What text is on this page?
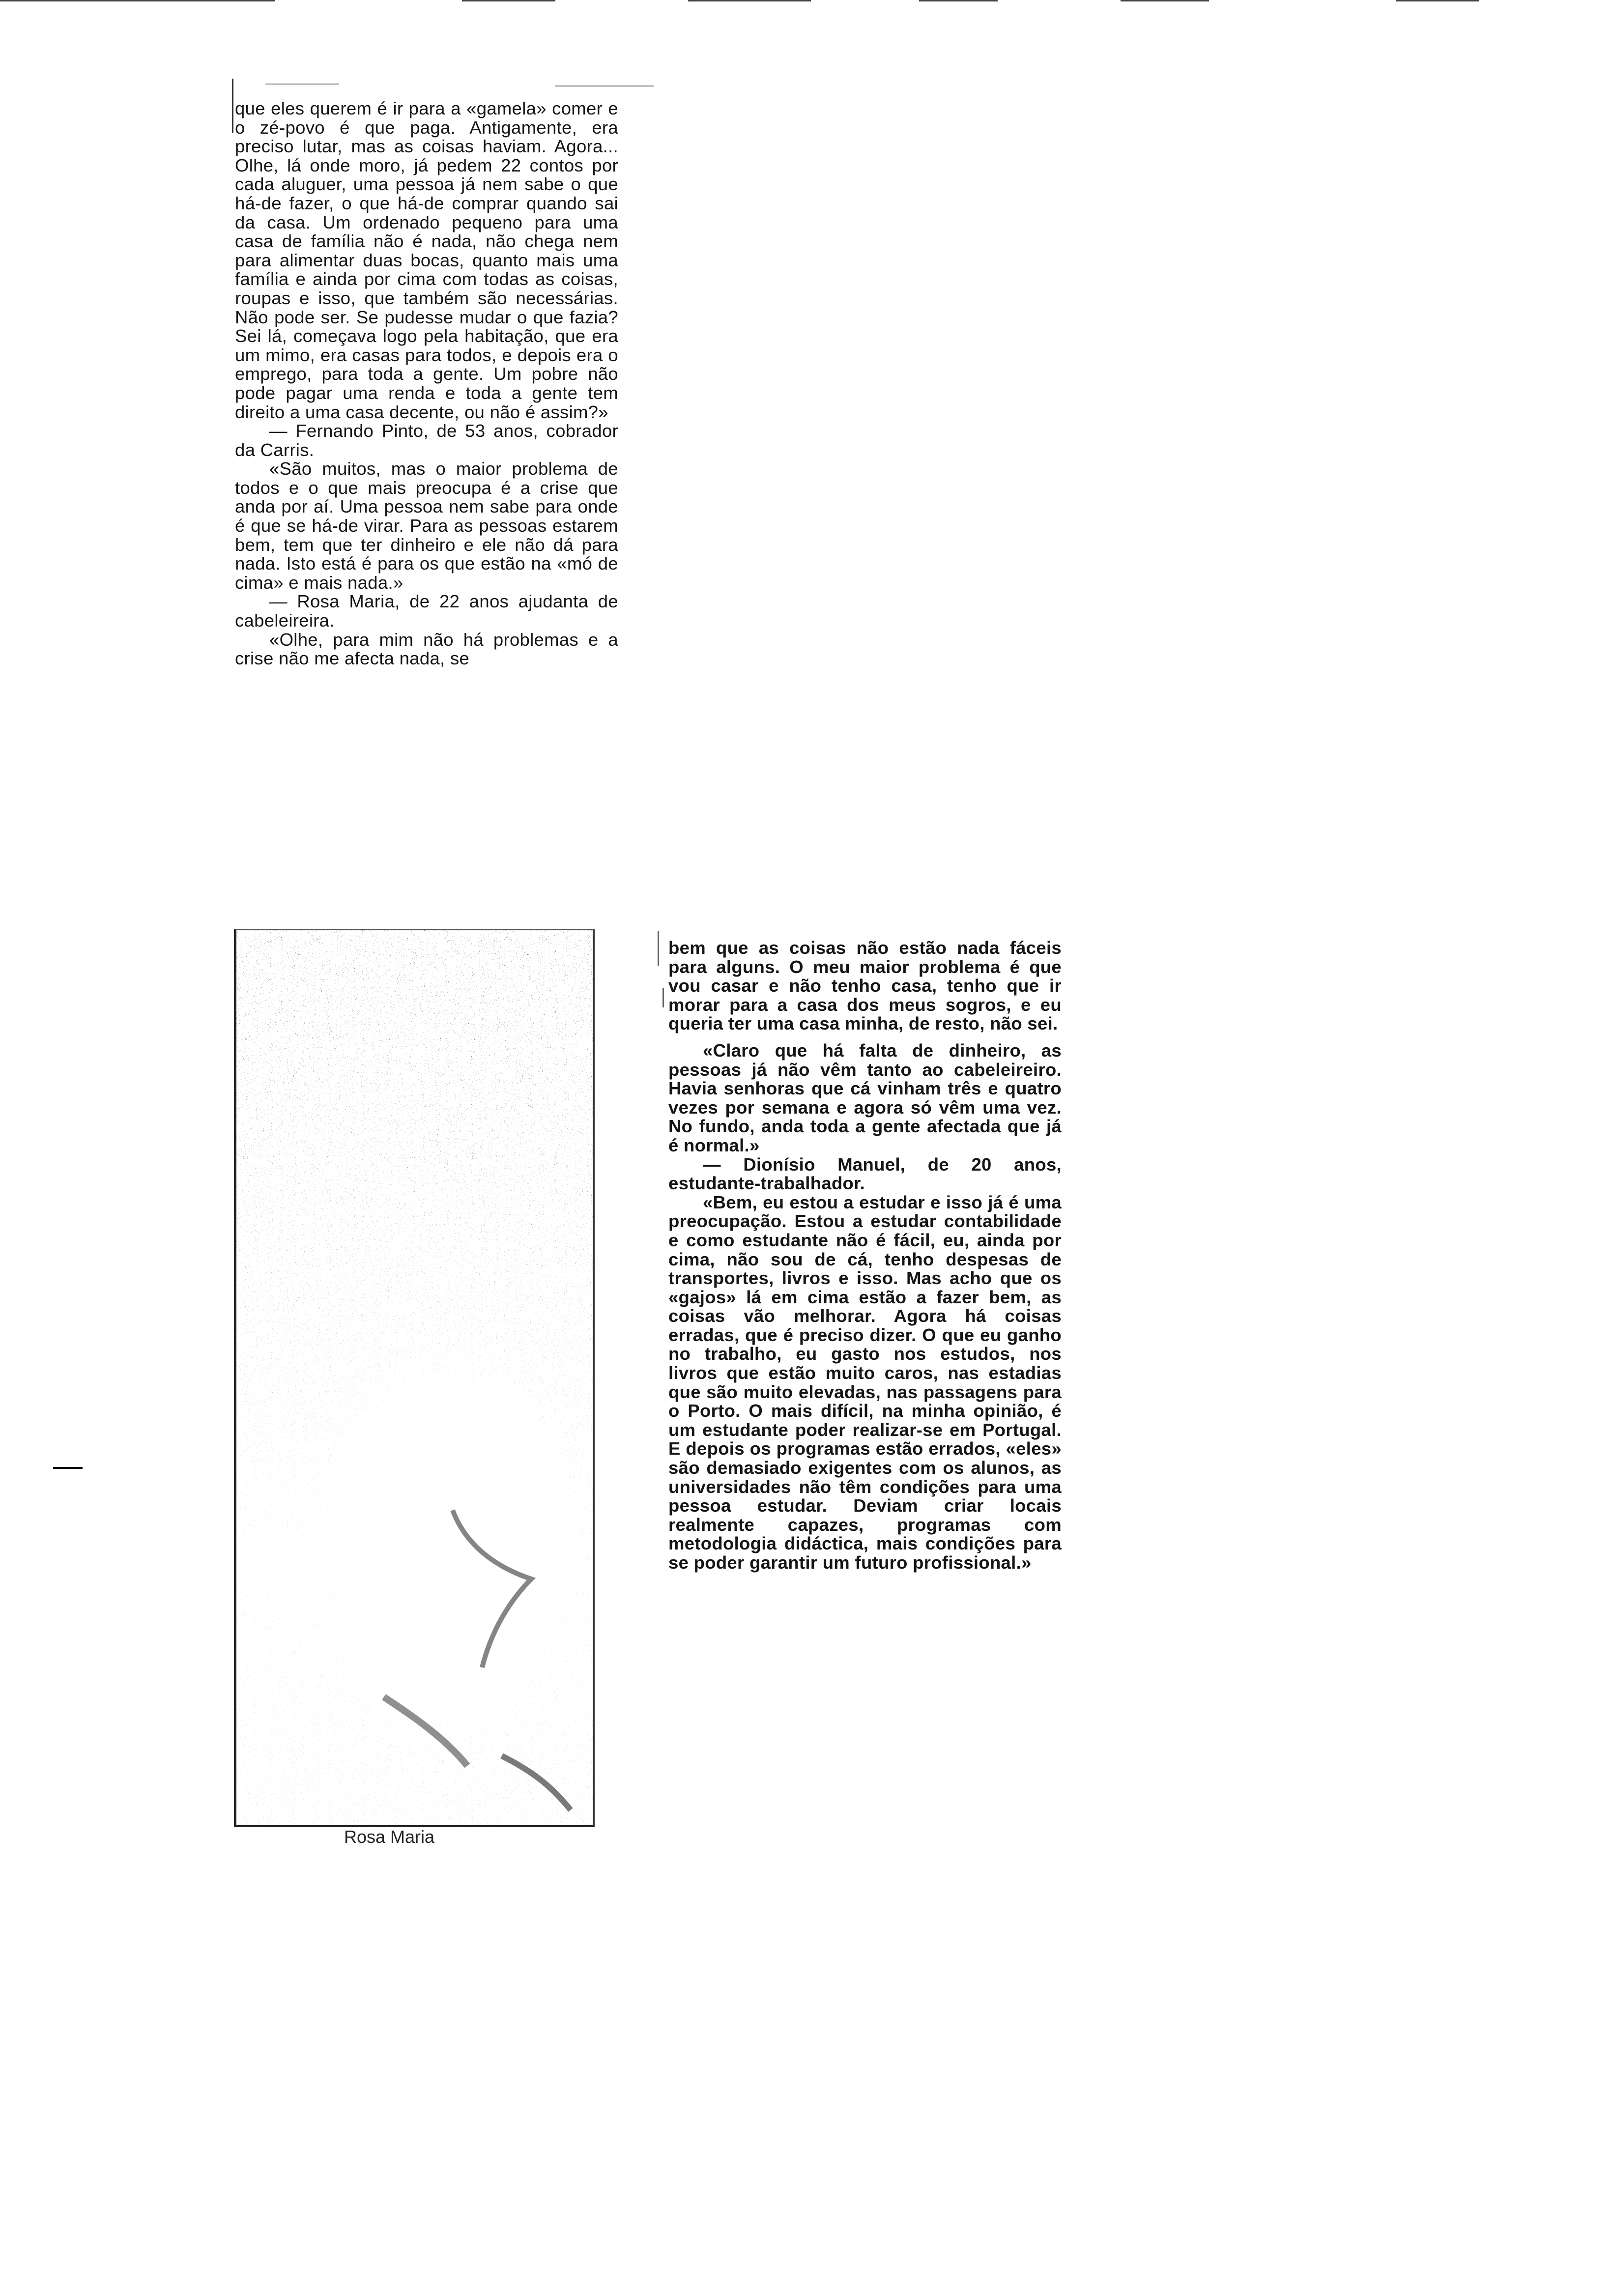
que eles querem é ir para a «gamela» comer e o zé-povo é que paga. Antigamente, era preciso lutar, mas as coisas haviam. Agora... Olhe, lá onde moro, já pedem 22 contos por cada aluguer, uma pessoa já nem sabe o que há-de fazer, o que há-de comprar quando sai da casa. Um ordenado pequeno para uma casa de família não é nada, não chega nem para alimentar duas bocas, quanto mais uma família e ainda por cima com todas as coisas, roupas e isso, que também são necessárias. Não pode ser. Se pudesse mudar o que fazia? Sei lá, começava logo pela habitação, que era um mimo, era casas para todos, e depois era o emprego, para toda a gente. Um pobre não pode pagar uma renda e toda a gente tem direito a uma casa decente, ou não é assim?»

— Fernando Pinto, de 53 anos, cobrador da Carris.

«São muitos, mas o maior problema de todos e o que mais preocupa é a crise que anda por aí. Uma pessoa nem sabe para onde é que se há-de virar. Para as pessoas estarem bem, tem que ter dinheiro e ele não dá para nada. Isto está é para os que estão na «mó de cima» e mais nada.»

— Rosa Maria, de 22 anos ajudanta de cabeleireira.

«Olhe, para mim não há problemas e a crise não me afecta nada, se

Rosa Maria

bem que as coisas não estão nada fáceis para alguns. O meu maior problema é que vou casar e não tenho casa, tenho que ir morar para a casa dos meus sogros, e eu queria ter uma casa minha, de resto, não sei.

«Claro que há falta de dinheiro, as pessoas já não vêm tanto ao cabeleireiro. Havia senhoras que cá vinham três e quatro vezes por semana e agora só vêm uma vez. No fundo, anda toda a gente afectada que já é normal.»

— Dionísio Manuel, de 20 anos, estudante-trabalhador.

«Bem, eu estou a estudar e isso já é uma preocupação. Estou a estudar contabilidade e como estudante não é fácil, eu, ainda por cima, não sou de cá, tenho despesas de transportes, livros e isso. Mas acho que os «gajos» lá em cima estão a fazer bem, as coisas vão melhorar. Agora há coisas erradas, que é preciso dizer. O que eu ganho no trabalho, eu gasto nos estudos, nos livros que estão muito caros, nas estadias que são muito elevadas, nas passagens para o Porto. O mais difícil, na minha opinião, é um estudante poder realizar-se em Portugal. E depois os programas estão errados, «eles» são demasiado exigentes com os alunos, as universidades não têm condições para uma pessoa estudar. Deviam criar locais realmente capazes, programas com metodologia didáctica, mais condições para se poder garantir um futuro profissional.»
